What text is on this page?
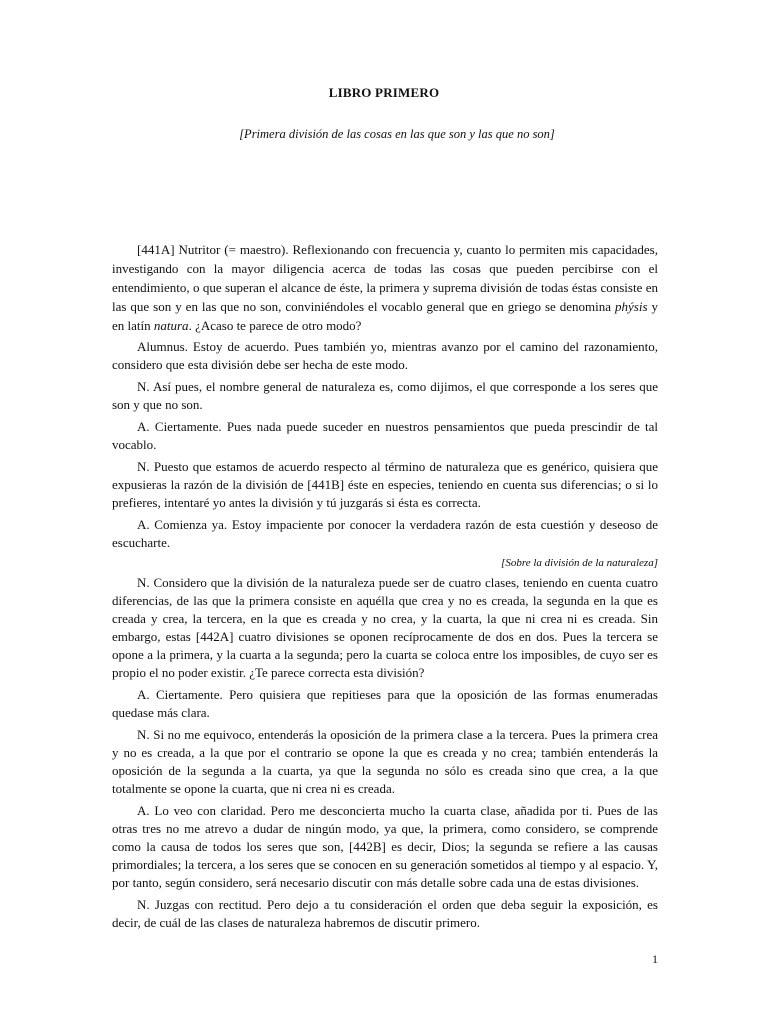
LIBRO PRIMERO
[Primera división de las cosas en las que son y las que no son]

[441A] Nutritor (= maestro). Reflexionando con frecuencia y, cuanto lo permiten mis capacidades, investigando con la mayor diligencia acerca de todas las cosas que pueden percibirse con el entendimiento, o que superan el alcance de éste, la primera y suprema división de todas éstas consiste en las que son y en las que no son, conviniéndoles el vocablo general que en griego se denomina phýsis y en latín natura. ¿Acaso te parece de otro modo?

Alumnus. Estoy de acuerdo. Pues también yo, mientras avanzo por el camino del razonamiento, considero que esta división debe ser hecha de este modo.

N. Así pues, el nombre general de naturaleza es, como dijimos, el que corresponde a los seres que son y que no son.

A. Ciertamente. Pues nada puede suceder en nuestros pensamientos que pueda prescindir de tal vocablo.

N. Puesto que estamos de acuerdo respecto al término de naturaleza que es genérico, quisiera que expusieras la razón de la división de [441B] éste en especies, teniendo en cuenta sus diferencias; o si lo prefieres, intentaré yo antes la división y tú juzgarás si ésta es correcta.

A. Comienza ya. Estoy impaciente por conocer la verdadera razón de esta cuestión y deseoso de escucharte.

[Sobre la división de la naturaleza]

N. Considero que la división de la naturaleza puede ser de cuatro clases, teniendo en cuenta cuatro diferencias, de las que la primera consiste en aquélla que crea y no es creada, la segunda en la que es creada y crea, la tercera, en la que es creada y no crea, y la cuarta, la que ni crea ni es creada. Sin embargo, estas [442A] cuatro divisiones se oponen recíprocamente de dos en dos. Pues la tercera se opone a la primera, y la cuarta a la segunda; pero la cuarta se coloca entre los imposibles, de cuyo ser es propio el no poder existir. ¿Te parece correcta esta división?

A. Ciertamente. Pero quisiera que repitieses para que la oposición de las formas enumeradas quedase más clara.

N. Si no me equivoco, entenderás la oposición de la primera clase a la tercera. Pues la primera crea y no es creada, a la que por el contrario se opone la que es creada y no crea; también entenderás la oposición de la segunda a la cuarta, ya que la segunda no sólo es creada sino que crea, a la que totalmente se opone la cuarta, que ni crea ni es creada.

A. Lo veo con claridad. Pero me desconcierta mucho la cuarta clase, añadida por ti. Pues de las otras tres no me atrevo a dudar de ningún modo, ya que, la primera, como considero, se comprende como la causa de todos los seres que son, [442B] es decir, Dios; la segunda se refiere a las causas primordiales; la tercera, a los seres que se conocen en su generación sometidos al tiempo y al espacio. Y, por tanto, según considero, será necesario discutir con más detalle sobre cada una de estas divisiones.

N. Juzgas con rectitud. Pero dejo a tu consideración el orden que deba seguir la exposición, es decir, de cuál de las clases de naturaleza habremos de discutir primero.

1
